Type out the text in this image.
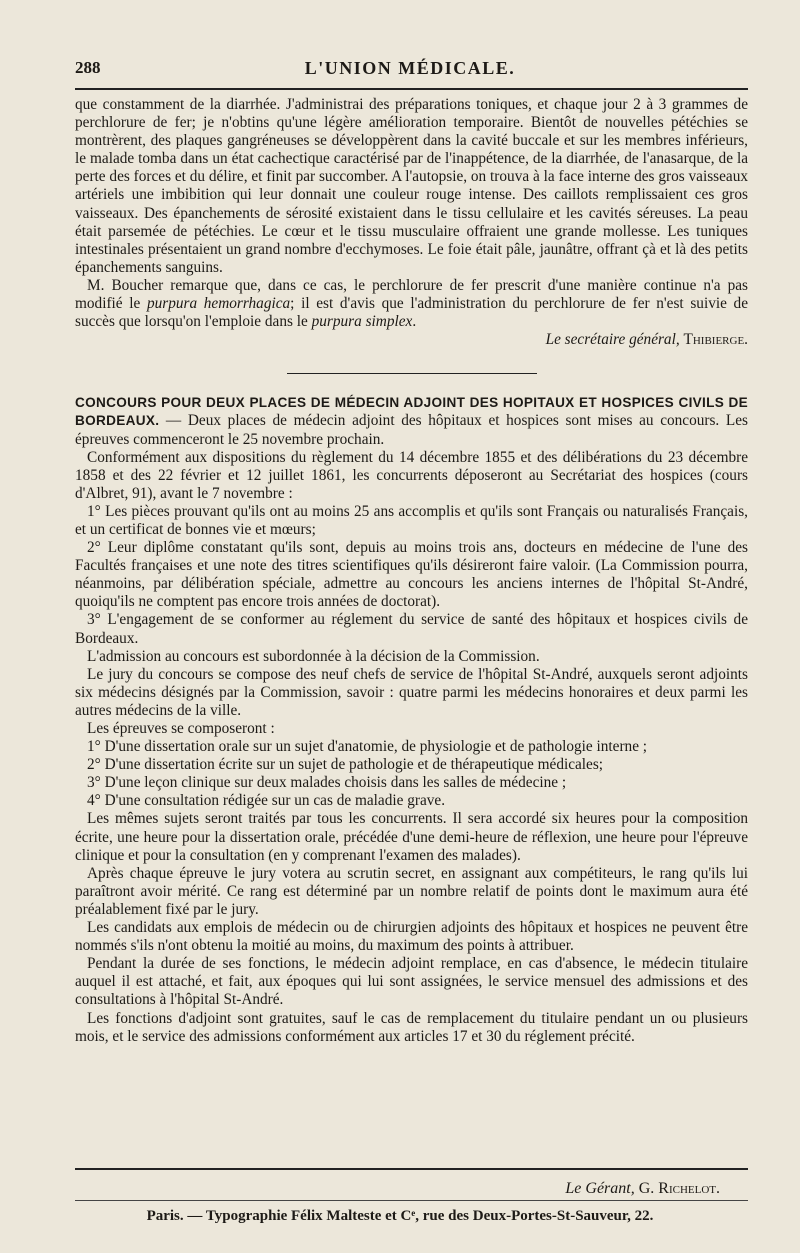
288	L'UNION MÉDICALE.

que constamment de la diarrhée. J'administrai des préparations toniques, et chaque jour 2 à 3 grammes de perchlorure de fer; je n'obtins qu'une légère amélioration temporaire. Bientôt de nouvelles pétéchies se montrèrent, des plaques gangréneuses se développèrent dans la cavité buccale et sur les membres inférieurs, le malade tomba dans un état cachectique caractérisé par de l'inappétence, de la diarrhée, de l'anasarque, de la perte des forces et du délire, et finit par succomber. A l'autopsie, on trouva à la face interne des gros vaisseaux artériels une imbibition qui leur donnait une couleur rouge intense. Des caillots remplissaient ces gros vaisseaux. Des épanchements de sérosité existaient dans le tissu cellulaire et les cavités séreuses. La peau était parsemée de pétéchies. Le cœur et le tissu musculaire offraient une grande mollesse. Les tuniques intestinales présentaient un grand nombre d'ecchymoses. Le foie était pâle, jaunâtre, offrant çà et là des petits épanchements sanguins.

M. Boucher remarque que, dans ce cas, le perchlorure de fer prescrit d'une manière continue n'a pas modifié le purpura hemorrhagica; il est d'avis que l'administration du perchlorure de fer n'est suivie de succès que lorsqu'on l'emploie dans le purpura simplex.

Le secrétaire général, Thibierge.

CONCOURS POUR DEUX PLACES DE MÉDECIN ADJOINT DES HOPITAUX ET HOSPICES CIVILS DE BORDEAUX. — Deux places de médecin adjoint des hôpitaux et hospices sont mises au concours. Les épreuves commenceront le 25 novembre prochain.

Conformément aux dispositions du règlement du 14 décembre 1855 et des délibérations du 23 décembre 1858 et des 22 février et 12 juillet 1861, les concurrents déposeront au Secrétariat des hospices (cours d'Albret, 91), avant le 7 novembre :

1° Les pièces prouvant qu'ils ont au moins 25 ans accomplis et qu'ils sont Français ou naturalisés Français, et un certificat de bonnes vie et mœurs;

2° Leur diplôme constatant qu'ils sont, depuis au moins trois ans, docteurs en médecine de l'une des Facultés françaises et une note des titres scientifiques qu'ils désireront faire valoir. (La Commission pourra, néanmoins, par délibération spéciale, admettre au concours les anciens internes de l'hôpital St-André, quoiqu'ils ne comptent pas encore trois années de doctorat).

3° L'engagement de se conformer au réglement du service de santé des hôpitaux et hospices civils de Bordeaux.

L'admission au concours est subordonnée à la décision de la Commission.

Le jury du concours se compose des neuf chefs de service de l'hôpital St-André, auxquels seront adjoints six médecins désignés par la Commission, savoir : quatre parmi les médecins honoraires et deux parmi les autres médecins de la ville.

Les épreuves se composeront :

1° D'une dissertation orale sur un sujet d'anatomie, de physiologie et de pathologie interne ;

2° D'une dissertation écrite sur un sujet de pathologie et de thérapeutique médicales;

3° D'une leçon clinique sur deux malades choisis dans les salles de médecine ;

4° D'une consultation rédigée sur un cas de maladie grave.

Les mêmes sujets seront traités par tous les concurrents. Il sera accordé six heures pour la composition écrite, une heure pour la dissertation orale, précédée d'une demi-heure de réflexion, une heure pour l'épreuve clinique et pour la consultation (en y comprenant l'examen des malades).

Après chaque épreuve le jury votera au scrutin secret, en assignant aux compétiteurs, le rang qu'ils lui paraîtront avoir mérité. Ce rang est déterminé par un nombre relatif de points dont le maximum aura été préalablement fixé par le jury.

Les candidats aux emplois de médecin ou de chirurgien adjoints des hôpitaux et hospices ne peuvent être nommés s'ils n'ont obtenu la moitié au moins, du maximum des points à attribuer.

Pendant la durée de ses fonctions, le médecin adjoint remplace, en cas d'absence, le médecin titulaire auquel il est attaché, et fait, aux époques qui lui sont assignées, le service mensuel des admissions et des consultations à l'hôpital St-André.

Les fonctions d'adjoint sont gratuites, sauf le cas de remplacement du titulaire pendant un ou plusieurs mois, et le service des admissions conformément aux articles 17 et 30 du réglement précité.

Le Gérant, G. Richelot.
Paris. — Typographie Félix Malteste et Cᵉ, rue des Deux-Portes-St-Sauveur, 22.
